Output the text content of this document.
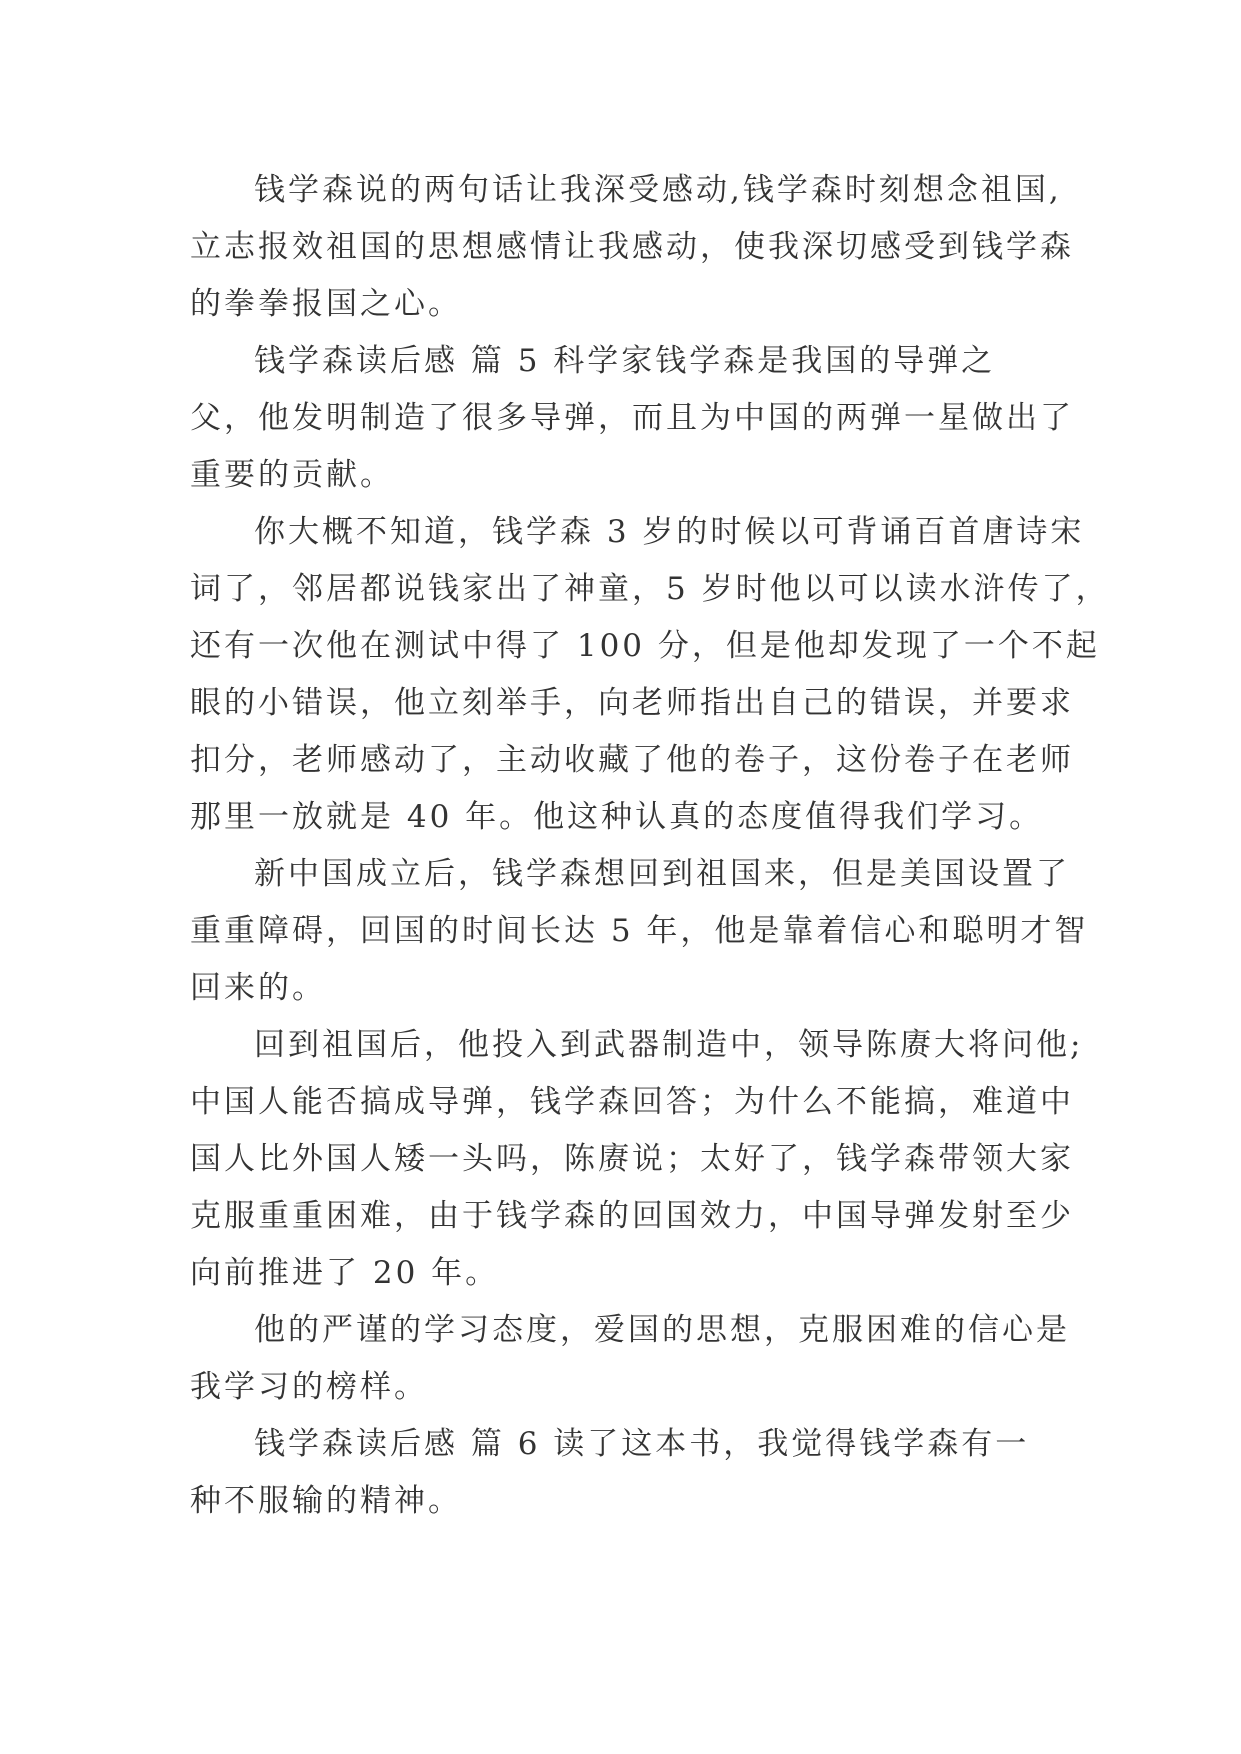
钱学森说的两句话让我深受感动,钱学森时刻想念祖国,
立志报效祖国的思想感情让我感动，使我深切感受到钱学森
的拳拳报国之心。
钱学森读后感 篇 5 科学家钱学森是我国的导弹之
父，他发明制造了很多导弹，而且为中国的两弹一星做出了
重要的贡献。
你大概不知道，钱学森 3 岁的时候以可背诵百首唐诗宋
词了，邻居都说钱家出了神童，5 岁时他以可以读水浒传了，
还有一次他在测试中得了 100 分，但是他却发现了一个不起
眼的小错误，他立刻举手，向老师指出自己的错误，并要求
扣分，老师感动了，主动收藏了他的卷子，这份卷子在老师
那里一放就是 40 年。他这种认真的态度值得我们学习。
新中国成立后，钱学森想回到祖国来，但是美国设置了
重重障碍，回国的时间长达 5 年，他是靠着信心和聪明才智
回来的。
回到祖国后，他投入到武器制造中，领导陈赓大将问他;
中国人能否搞成导弹，钱学森回答；为什么不能搞，难道中
国人比外国人矮一头吗，陈赓说；太好了，钱学森带领大家
克服重重困难，由于钱学森的回国效力，中国导弹发射至少
向前推进了 20 年。
他的严谨的学习态度，爱国的思想，克服困难的信心是
我学习的榜样。
钱学森读后感 篇 6 读了这本书，我觉得钱学森有一
种不服输的精神。
